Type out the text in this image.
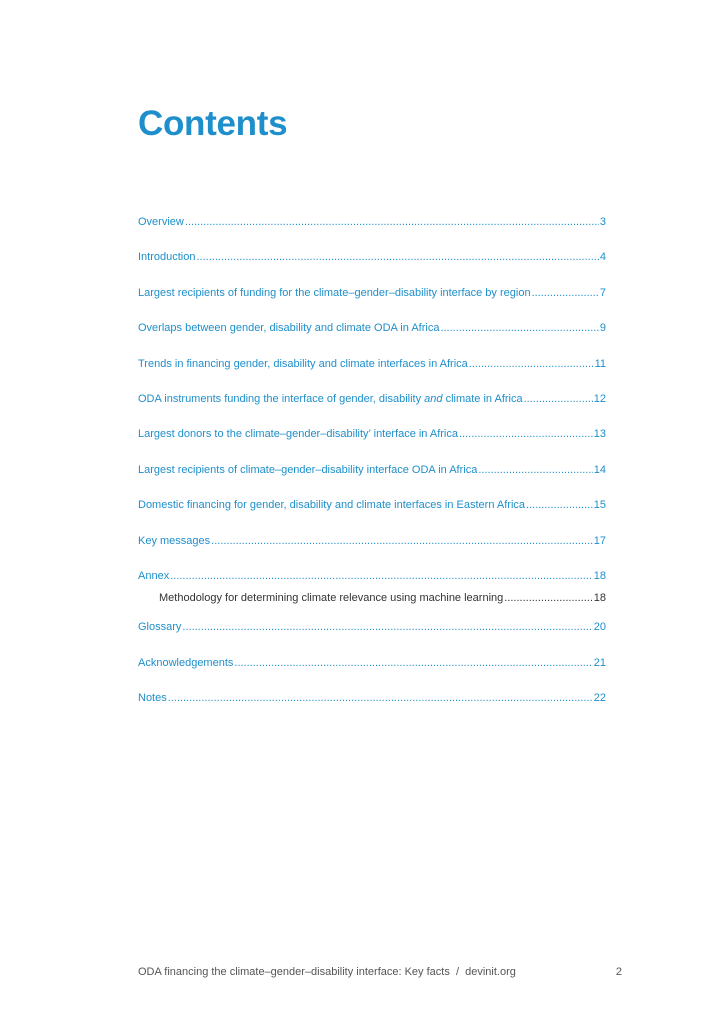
Contents
Overview .....	3
Introduction .....	4
Largest recipients of funding for the climate–gender–disability interface by region .....	7
Overlaps between gender, disability and climate ODA in Africa .....	9
Trends in financing gender, disability and climate interfaces in Africa .....	11
ODA instruments funding the interface of gender, disability and climate in Africa .....	12
Largest donors to the climate–gender–disability’ interface in Africa .....	13
Largest recipients of climate–gender–disability interface ODA in Africa .....	14
Domestic financing for gender, disability and climate interfaces in Eastern Africa .....	15
Key messages .....	17
Annex .....	18
Methodology for determining climate relevance using machine learning .....	18
Glossary .....	20
Acknowledgements .....	21
Notes .....	22
ODA financing the climate–gender–disability interface: Key facts  /  devinit.org	2
